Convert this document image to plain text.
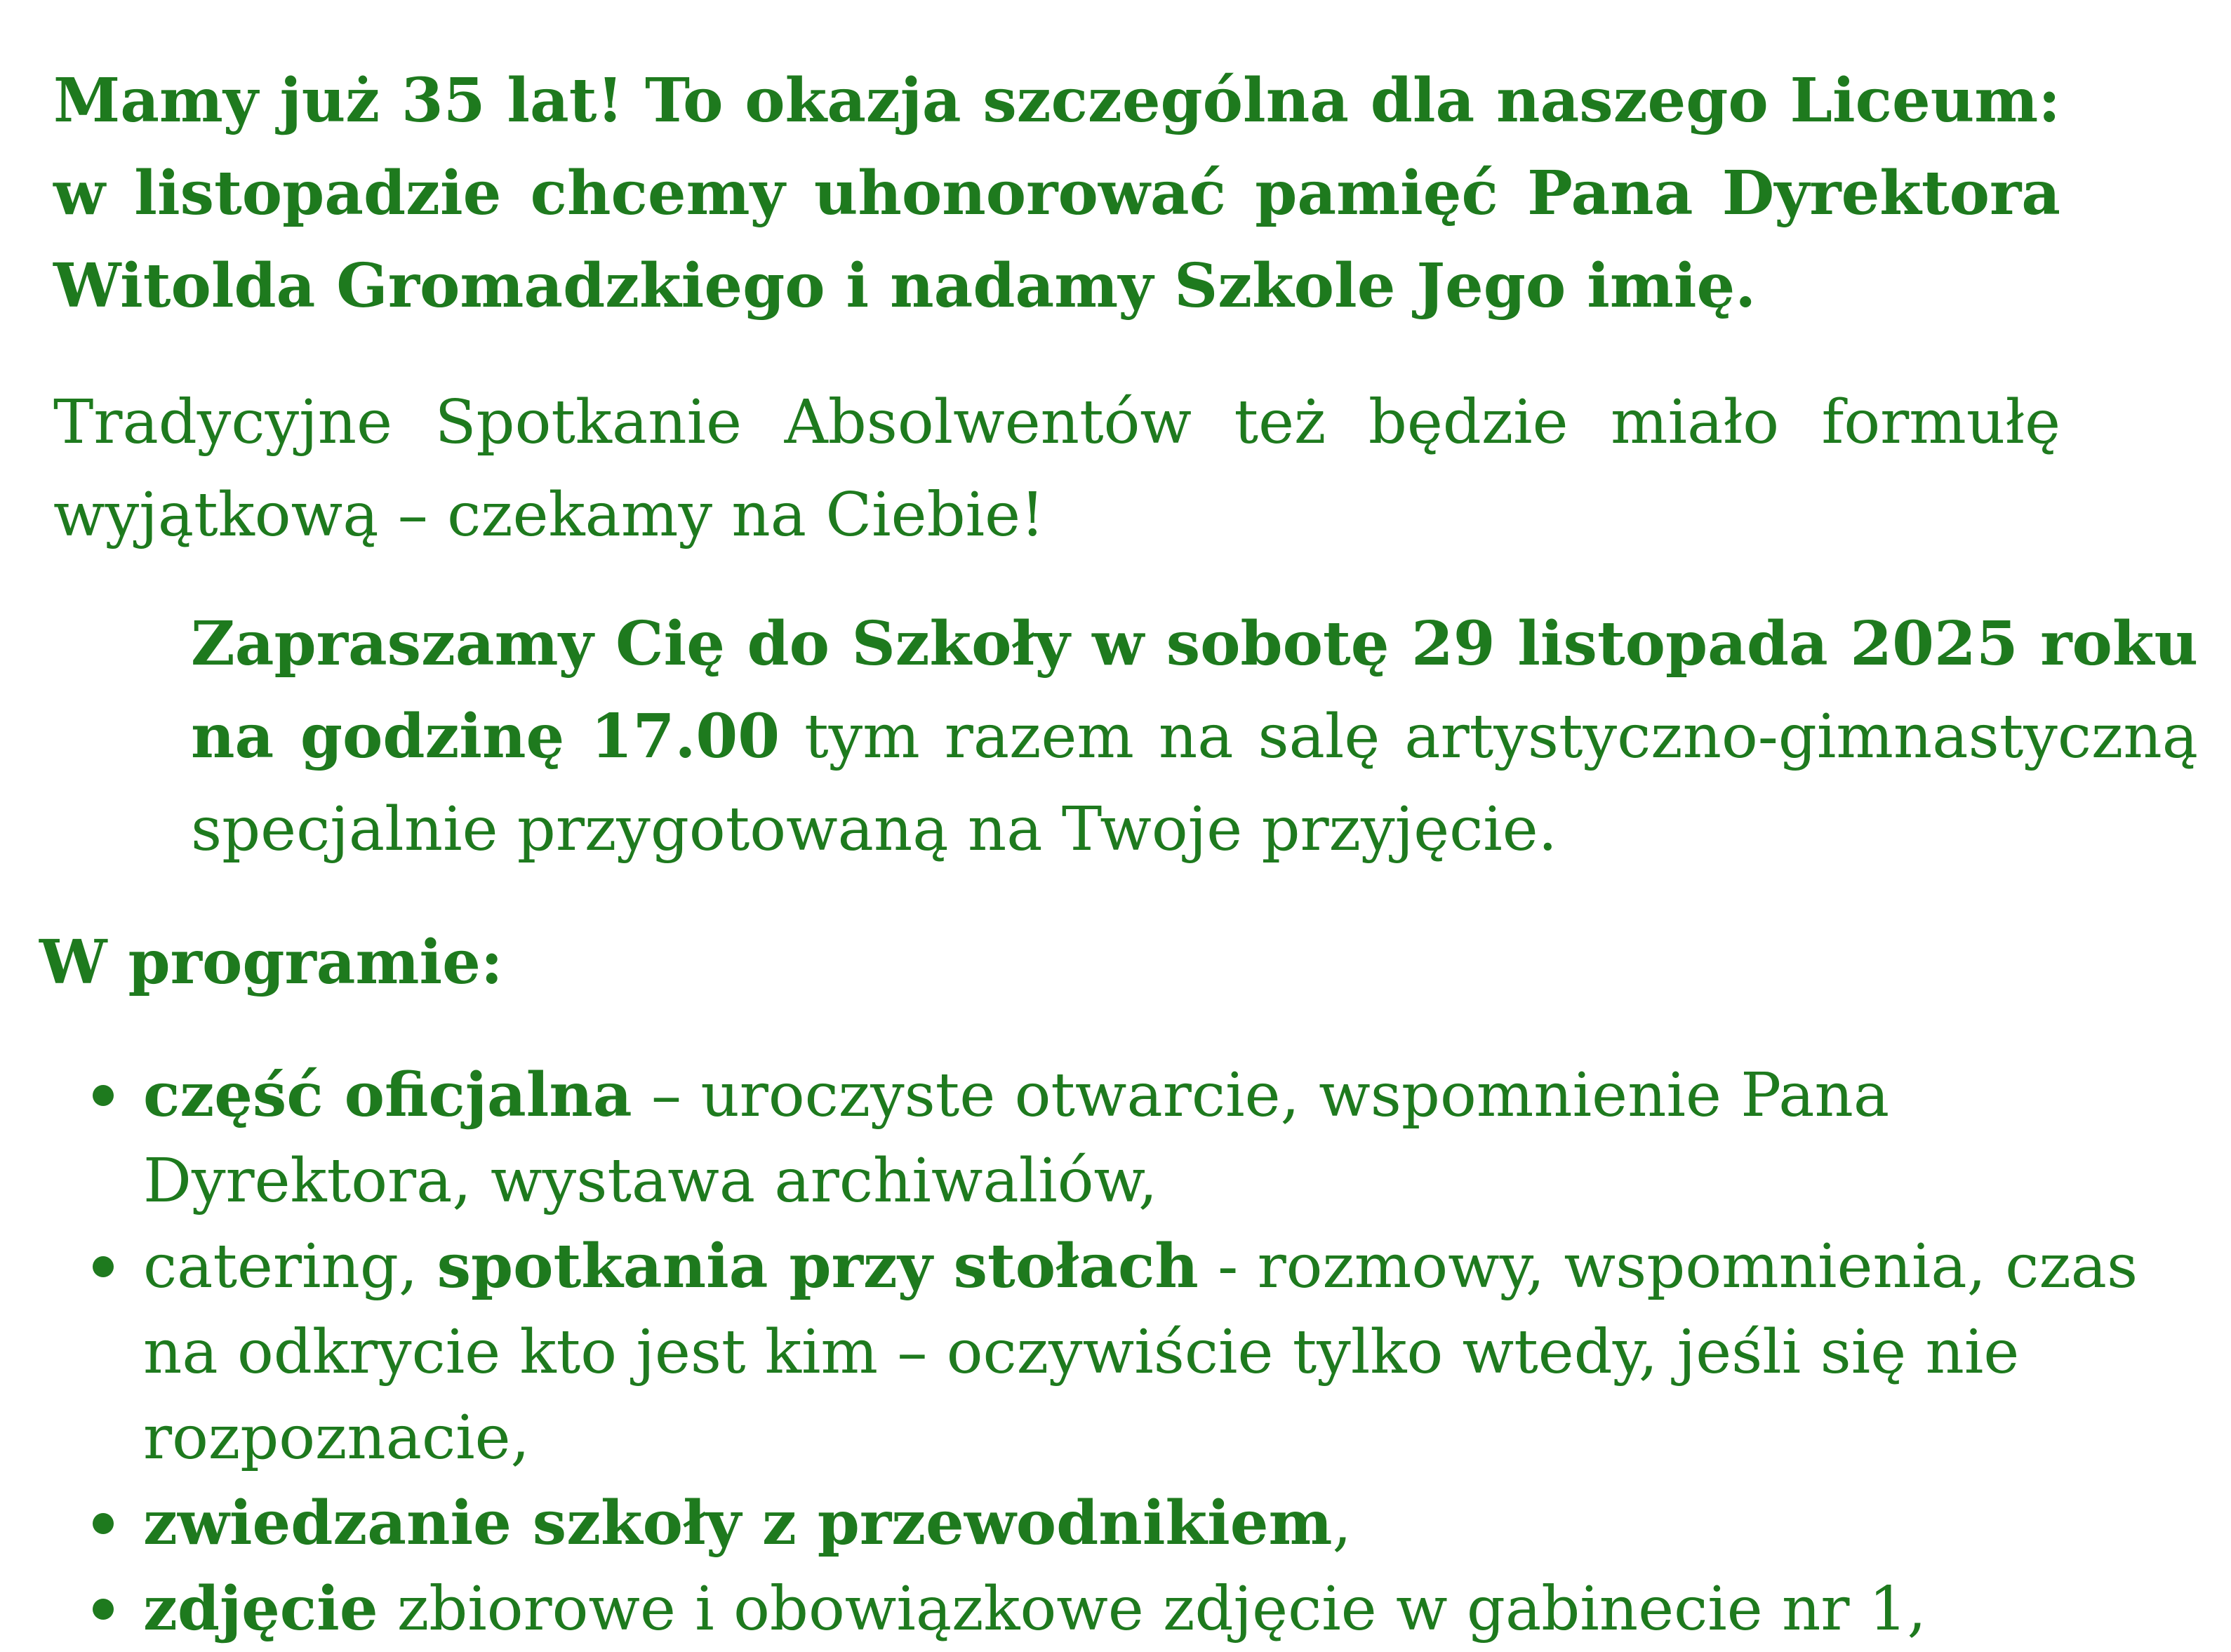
Mamy już 35 lat! To okazja szczególna dla naszego Liceum: w listopadzie chcemy uhonorować pamięć Pana Dyrektora Witolda Gromadzkiego i nadamy Szkole Jego imię.
Tradycyjne Spotkanie Absolwentów też będzie miało formułę wyjątkową – czekamy na Ciebie!
Zapraszamy Cię do Szkoły w sobotę 29 listopada 2025 roku na godzinę 17.00 tym razem na salę artystyczno-gimnastyczną specjalnie przygotowaną na Twoje przyjęcie.
W programie:
część oficjalna – uroczyste otwarcie, wspomnienie Pana Dyrektora, wystawa archiwaliów,
catering, spotkania przy stołach - rozmowy, wspomnienia, czas na odkrycie kto jest kim – oczywiście tylko wtedy, jeśli się nie rozpoznacie,
zwiedzanie szkoły z przewodnikiem,
zdjęcie zbiorowe i obowiązkowe zdjęcie w gabinecie nr 1,
